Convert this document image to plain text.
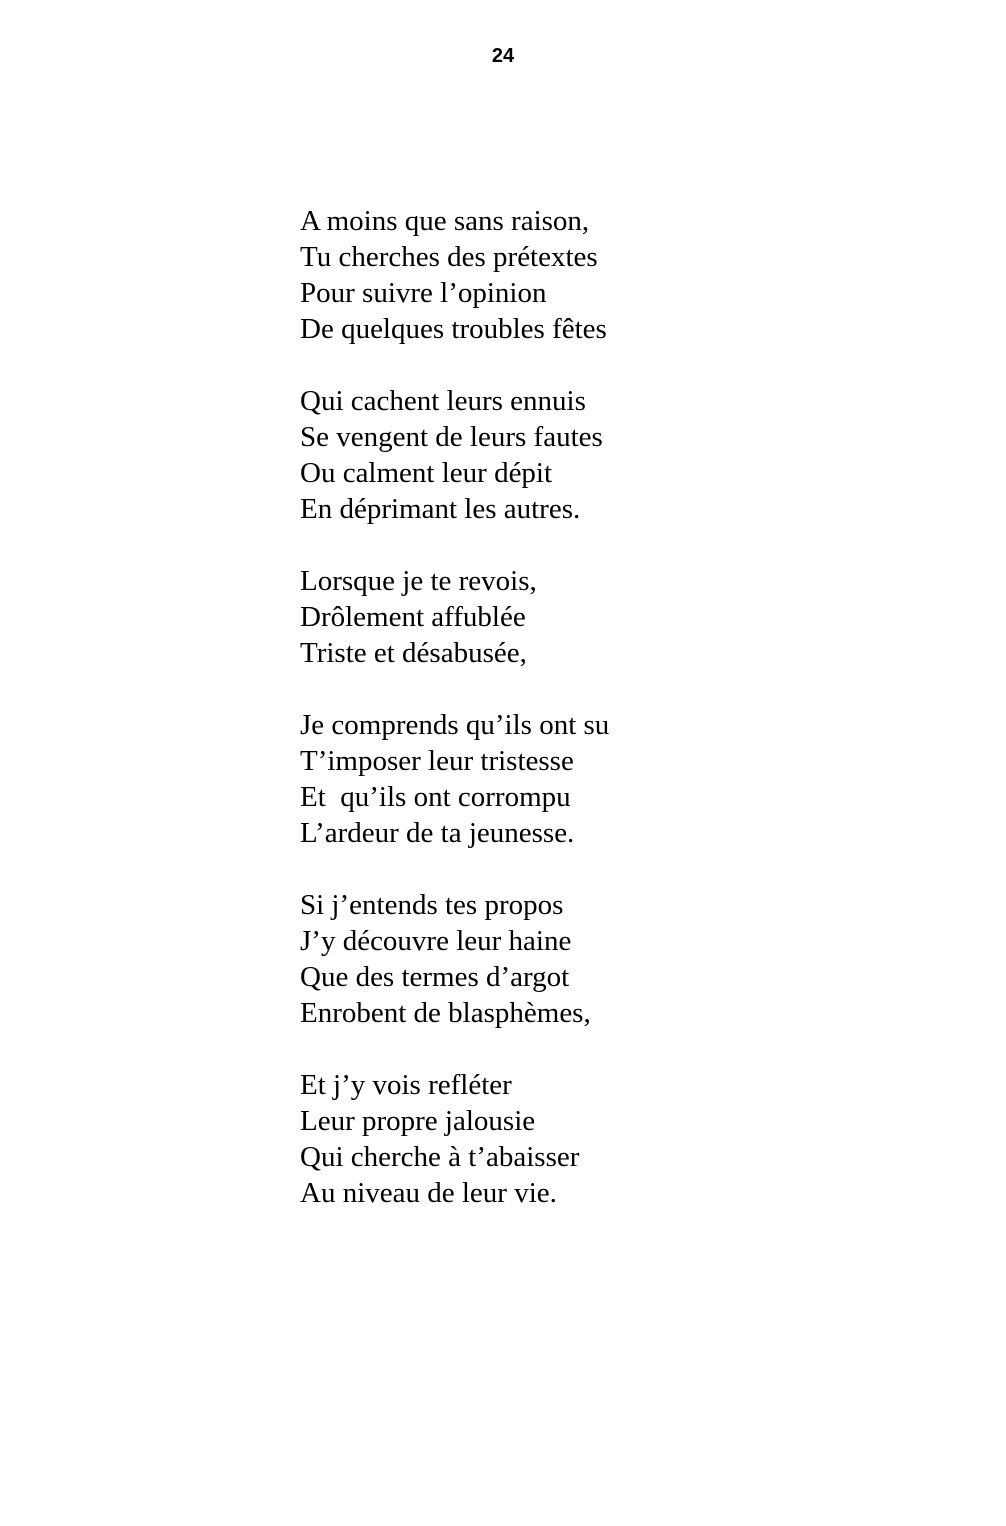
24
A moins que sans raison,
Tu cherches des prétextes
Pour suivre l’opinion
De quelques troubles fêtes
Qui cachent leurs ennuis
Se vengent de leurs fautes
Ou calment leur dépit
En déprimant les autres.
Lorsque je te revois,
Drôlement affublée
Triste et désabusée,
Je comprends qu’ils ont su
T’imposer leur tristesse
Et  qu’ils ont corrompu
L’ardeur de ta jeunesse.
Si j’entends tes propos
J’y découvre leur haine
Que des termes d’argot
Enrobent de blasphèmes,
Et j’y vois refléter
Leur propre jalousie
Qui cherche à t’abaisser
Au niveau de leur vie.
